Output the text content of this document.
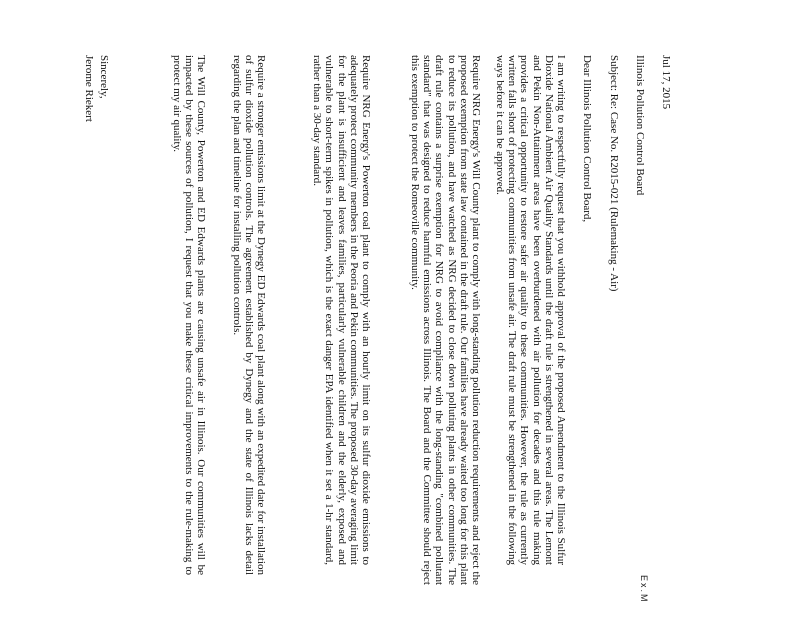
Jul 17, 2015
Illinois Pollution Control Board
Subject: Re: Case No. R2015-021 (Rulemaking - Air)
Dear Illinois Pollution Control Board,
I am writing to respectfully request that you withhold approval of the proposed Amendment to the Illinois Sulfur Dioxide National Ambient Air Quality Standards until the draft rule is strengthened in several areas. The Lemont and Pekin Non-Attainment areas have been overburdened with air pollution for decades and this rule making provides a critical opportunity to restore safer air quality to these communities. However, the rule as currently written falls short of protecting communities from unsafe air. The draft rule must be strengthened in the following ways before it can be approved.
Require NRG Energy's Will County plant to comply with long-standing pollution reduction requirements and reject the proposed exemption from state law contained in the draft rule. Our families have already waited too long for this plant to reduce its pollution, and have watched as NRG decided to close down polluting plants in other communities. The draft rule contains a surprise exemption for NRG to avoid compliance with the long-standing "combined pollutant standard" that was designed to reduce harmful emissions across Illinois. The Board and the Committee should reject this exemption to protect the Romeoville community.
Require NRG Energy's Powerton coal plant to comply with an hourly limit on its sulfur dioxide emissions to adequately protect community members in the Peoria and Pekin communities. The proposed 30-day averaging limit for the plant is insufficient and leaves families, particularly vulnerable children and the elderly, exposed and vulnerable to short-term spikes in pollution, which is the exact danger EPA identified when it set a 1-hr standard, rather than a 30-day standard.
Require a stronger emissions limit at the Dynegy ED Edwards coal plant along with an expedited date for installation of sulfur dioxide pollution controls. The agreement established by Dynegy and the state of Illinois lacks detail regarding the plan and timeline for installing pollution controls.
The Will County, Powerton and ED Edwards plants are causing unsafe air in Illinois. Our communities will be impacted by these sources of pollution, I request that you make these critical improvements to the rule-making to protect my air quality.
Sincerely,
Jerome Riekert
Ex.M
